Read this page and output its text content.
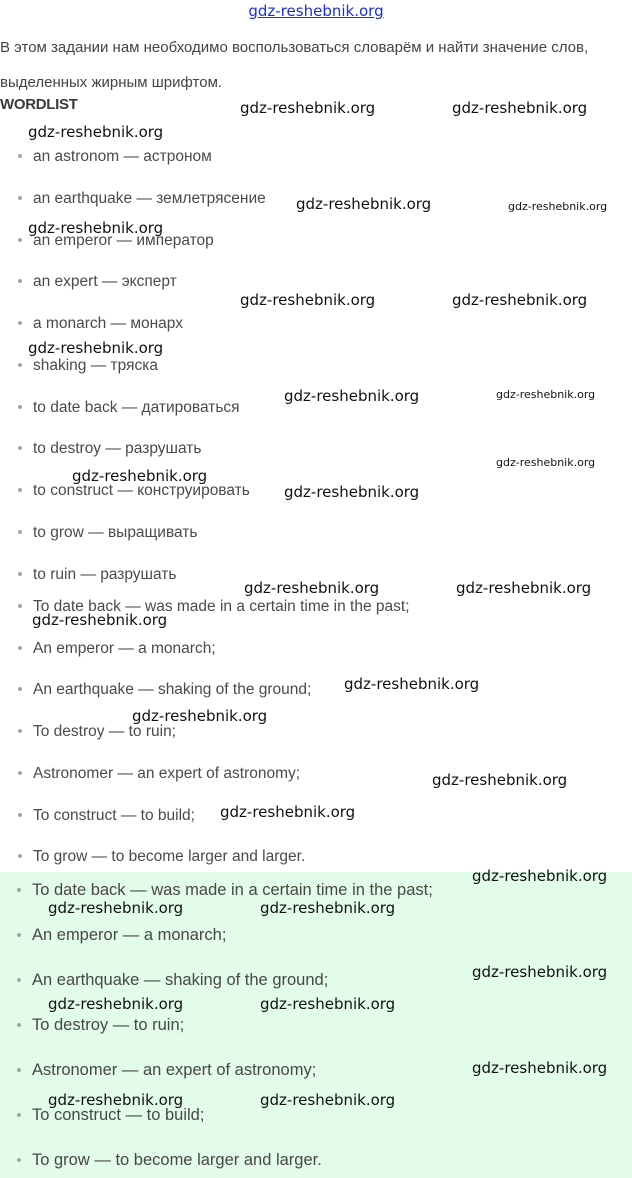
gdz-reshebnik.org
В этом задании нам необходимо воспользоваться словарём и найти значение слов, выделенных жирным шрифтом.
WORDLIST
an astronom — астроном
an earthquake — землетрясение
an emperor — император
an expert — эксперт
a monarch — монарх
shaking — тряска
to date back — датироваться
to destroy — разрушать
to construct — конструировать
to grow — выращивать
to ruin — разрушать
To date back — was made in a certain time in the past;
An emperor — a monarch;
An earthquake — shaking of the ground;
To destroy — to ruin;
Astronomer — an expert of astronomy;
To construct — to build;
To grow — to become larger and larger.
To date back — was made in a certain time in the past;
An emperor — a monarch;
An earthquake — shaking of the ground;
To destroy — to ruin;
Astronomer — an expert of astronomy;
To construct — to build;
To grow — to become larger and larger.
gdz-reshebnik.org	gdz-reshebnik.org
gdz-reshebnik.org
gdz-reshebnik.org	gdz-reshebnik.org
gdz-reshebnik.org
gdz-reshebnik.org	gdz-reshebnik.org
gdz-reshebnik.org
gdz-reshebnik.org	gdz-reshebnik.org
gdz-reshebnik.org
gdz-reshebnik.org
gdz-reshebnik.org
gdz-reshebnik.org	gdz-reshebnik.org
gdz-reshebnik.org
gdz-reshebnik.org
gdz-reshebnik.org
gdz-reshebnik.org
gdz-reshebnik.org
gdz-reshebnik.org
gdz-reshebnik.org	gdz-reshebnik.org
gdz-reshebnik.org
gdz-reshebnik.org	gdz-reshebnik.org
gdz-reshebnik.org
gdz-reshebnik.org	gdz-reshebnik.org
